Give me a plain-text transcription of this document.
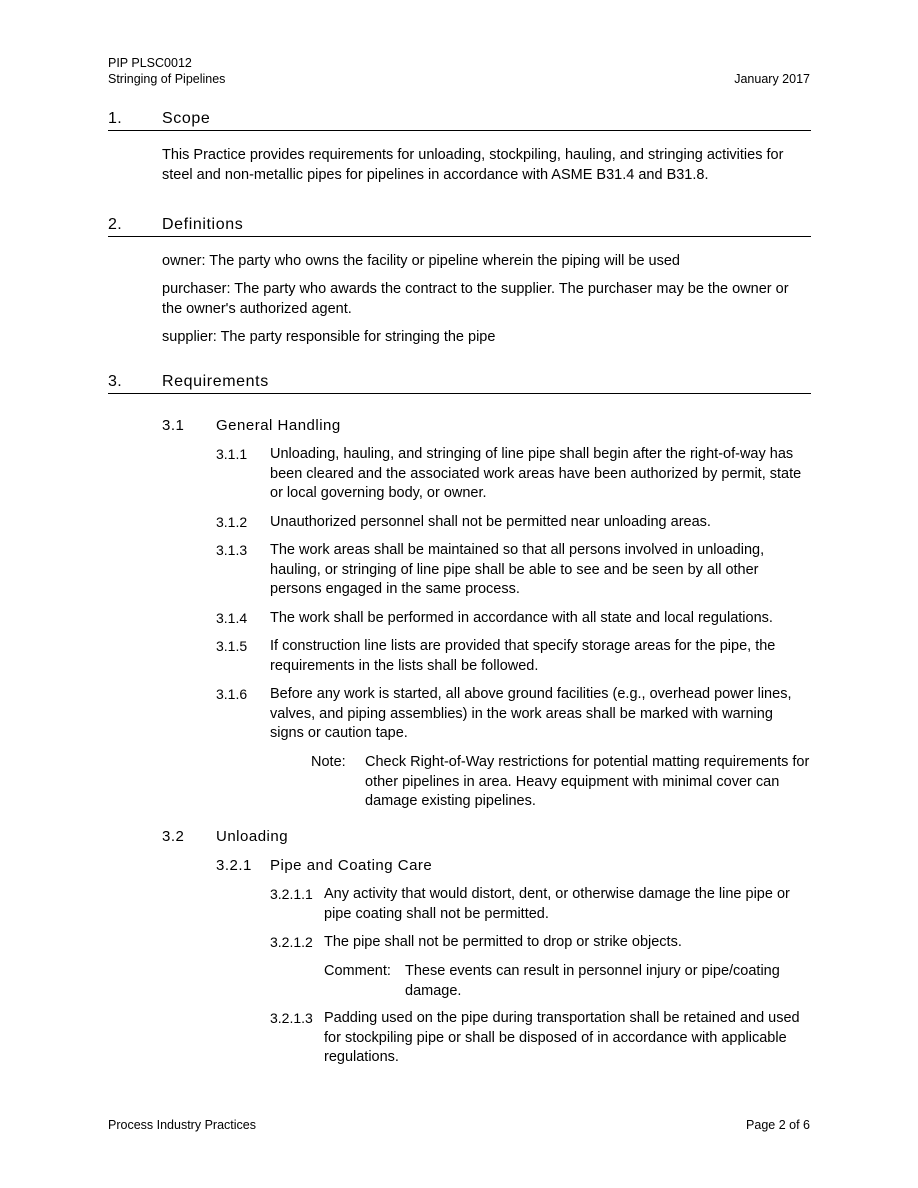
PIP PLSC0012
Stringing of Pipelines	January 2017
1. Scope
This Practice provides requirements for unloading, stockpiling, hauling, and stringing activities for steel and non-metallic pipes for pipelines in accordance with ASME B31.4 and B31.8.
2. Definitions
owner: The party who owns the facility or pipeline wherein the piping will be used
purchaser: The party who awards the contract to the supplier. The purchaser may be the owner or the owner's authorized agent.
supplier: The party responsible for stringing the pipe
3. Requirements
3.1 General Handling
3.1.1 Unloading, hauling, and stringing of line pipe shall begin after the right-of-way has been cleared and the associated work areas have been authorized by permit, state or local governing body, or owner.
3.1.2 Unauthorized personnel shall not be permitted near unloading areas.
3.1.3 The work areas shall be maintained so that all persons involved in unloading, hauling, or stringing of line pipe shall be able to see and be seen by all other persons engaged in the same process.
3.1.4 The work shall be performed in accordance with all state and local regulations.
3.1.5 If construction line lists are provided that specify storage areas for the pipe, the requirements in the lists shall be followed.
3.1.6 Before any work is started, all above ground facilities (e.g., overhead power lines, valves, and piping assemblies) in the work areas shall be marked with warning signs or caution tape.
Note: Check Right-of-Way restrictions for potential matting requirements for other pipelines in area. Heavy equipment with minimal cover can damage existing pipelines.
3.2 Unloading
3.2.1 Pipe and Coating Care
3.2.1.1 Any activity that would distort, dent, or otherwise damage the line pipe or pipe coating shall not be permitted.
3.2.1.2 The pipe shall not be permitted to drop or strike objects.
Comment: These events can result in personnel injury or pipe/coating damage.
3.2.1.3 Padding used on the pipe during transportation shall be retained and used for stockpiling pipe or shall be disposed of in accordance with applicable regulations.
Process Industry Practices	Page 2 of 6
